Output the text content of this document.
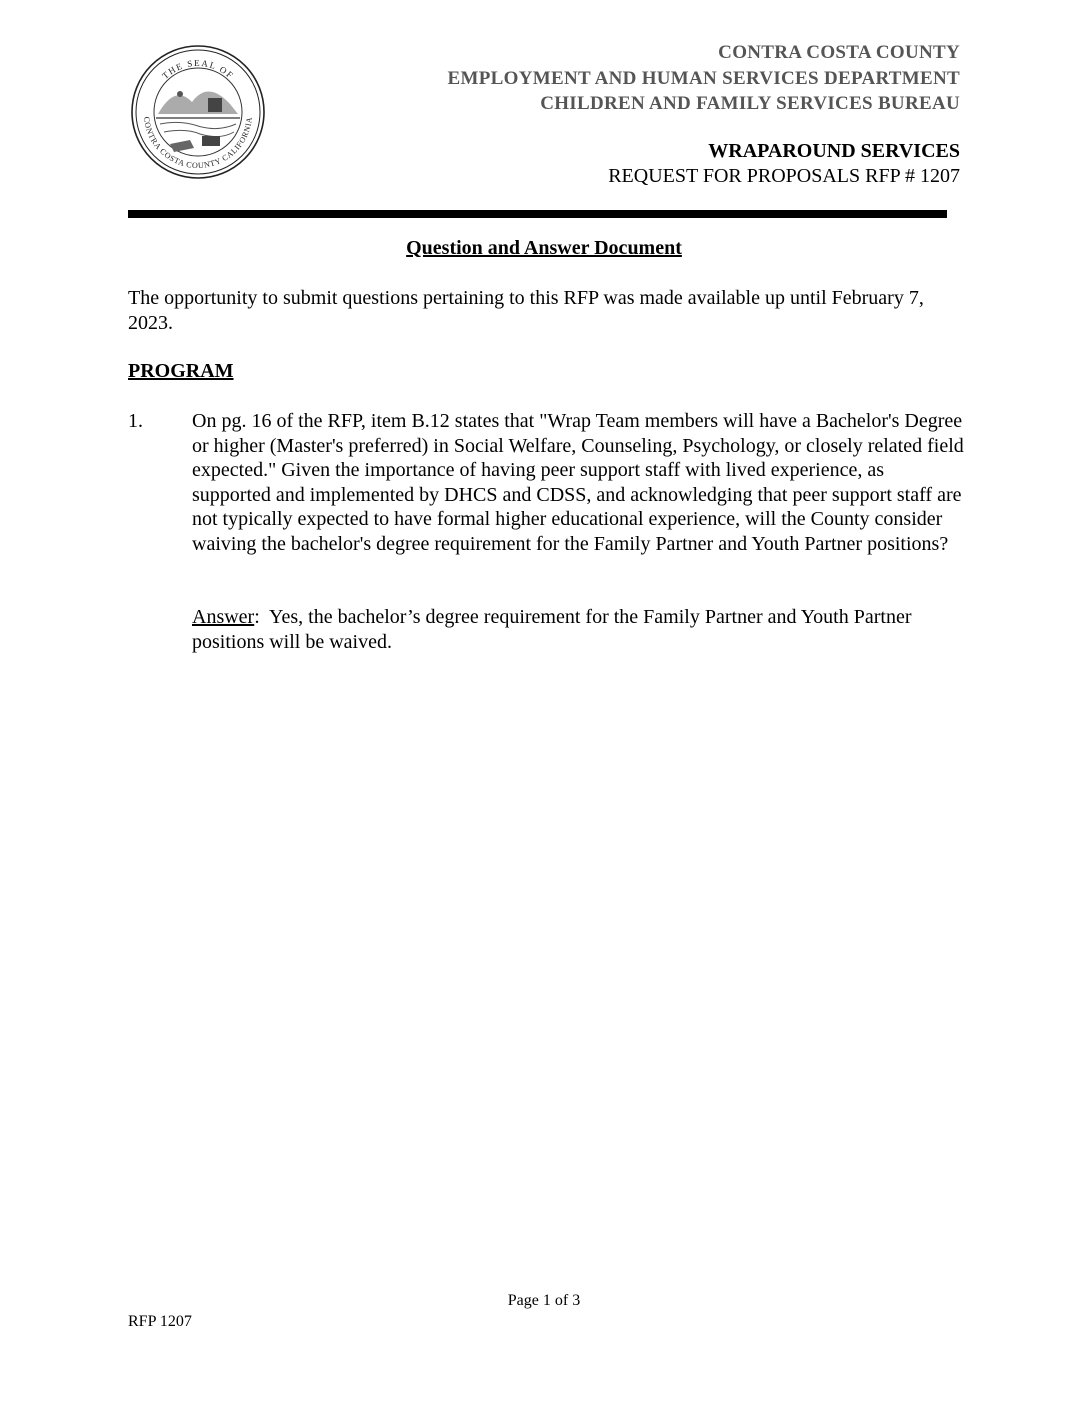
THE SEAL OF
CONTRA COSTA COUNTY CALIFORNIA
CONTRA COSTA COUNTY
EMPLOYMENT AND HUMAN SERVICES DEPARTMENT
CHILDREN AND FAMILY SERVICES BUREAU
WRAPAROUND SERVICES
REQUEST FOR PROPOSALS RFP # 1207
Question and Answer Document
The opportunity to submit questions pertaining to this RFP was made available up until February 7, 2023.
PROGRAM
1. On pg. 16 of the RFP, item B.12 states that "Wrap Team members will have a Bachelor's Degree or higher (Master's preferred) in Social Welfare, Counseling, Psychology, or closely related field expected." Given the importance of having peer support staff with lived experience, as supported and implemented by DHCS and CDSS, and acknowledging that peer support staff are not typically expected to have formal higher educational experience, will the County consider waiving the bachelor's degree requirement for the Family Partner and Youth Partner positions?
Answer:  Yes, the bachelor’s degree requirement for the Family Partner and Youth Partner positions will be waived.
Page 1 of 3
RFP 1207
